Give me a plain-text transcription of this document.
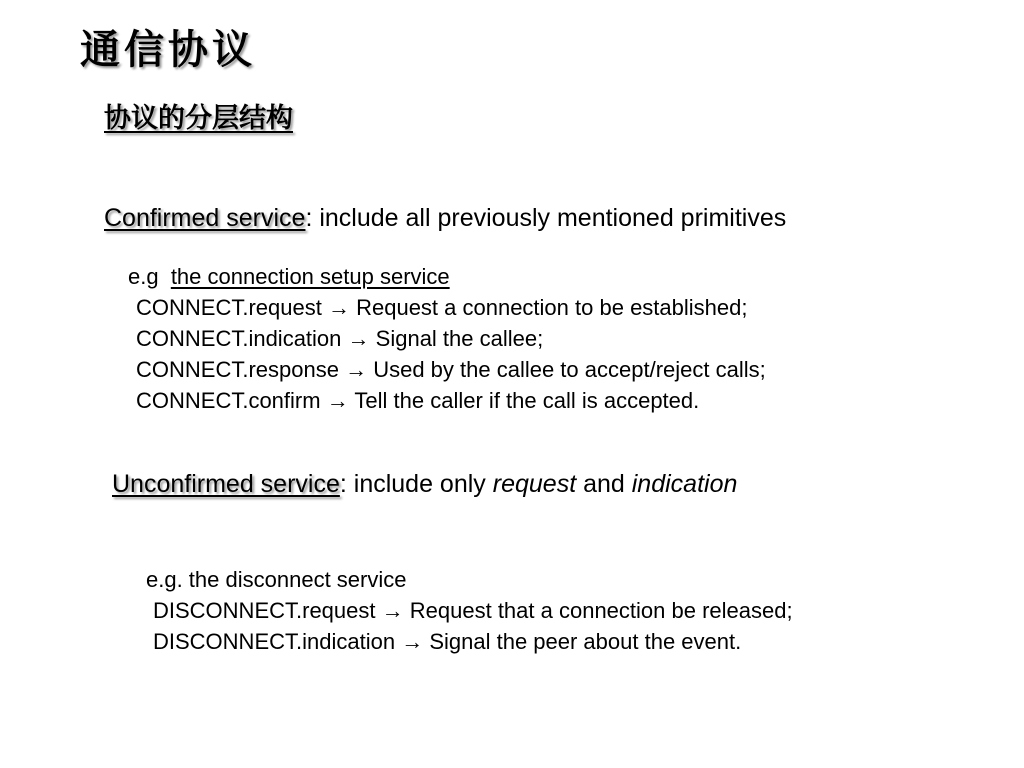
通信协议
协议的分层结构
Confirmed service: include all previously mentioned primitives
e.g  the connection setup service
CONNECT.request → Request a connection to be established;
CONNECT.indication → Signal the callee;
CONNECT.response → Used by the callee to accept/reject calls;
CONNECT.confirm → Tell the caller if the call is accepted.
Unconfirmed service: include only request and indication
e.g. the disconnect service
DISCONNECT.request → Request that a connection be released;
DISCONNECT.indication → Signal the peer about the event.
